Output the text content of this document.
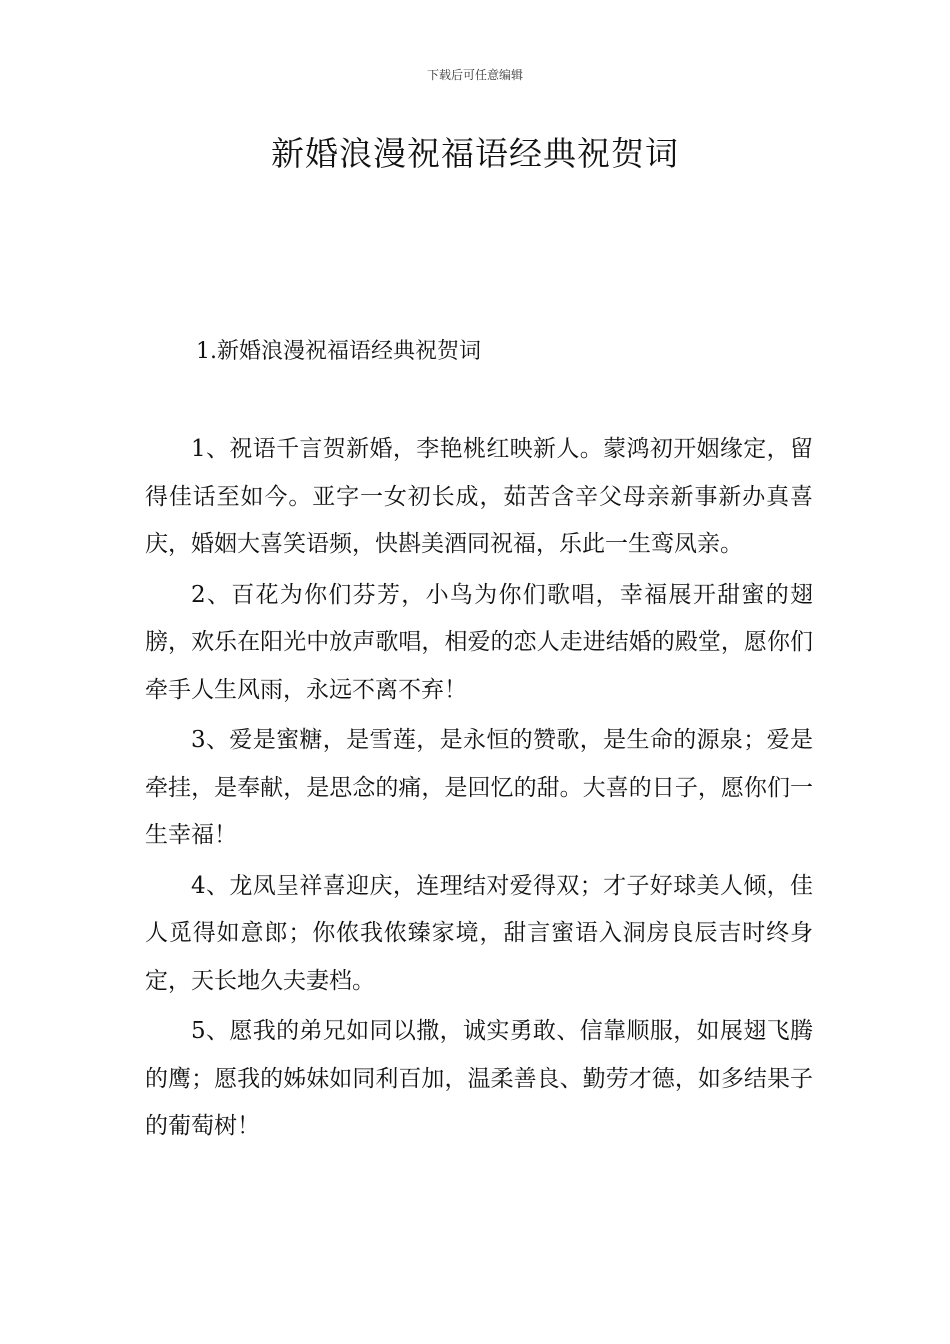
下载后可任意编辑
新婚浪漫祝福语经典祝贺词
1.新婚浪漫祝福语经典祝贺词

1、祝语千言贺新婚，李艳桃红映新人。蒙鸿初开姻缘定，留得佳话至如今。亚字一女初长成，茹苦含辛父母亲新事新办真喜庆，婚姻大喜笑语频，快斟美酒同祝福，乐此一生鸾凤亲。

2、百花为你们芬芳，小鸟为你们歌唱，幸福展开甜蜜的翅膀，欢乐在阳光中放声歌唱，相爱的恋人走进结婚的殿堂，愿你们牵手人生风雨，永远不离不弃！

3、爱是蜜糖，是雪莲，是永恒的赞歌，是生命的源泉；爱是牵挂，是奉献，是思念的痛，是回忆的甜。大喜的日子，愿你们一生幸福！

4、龙凤呈祥喜迎庆，连理结对爱得双；才子好球美人倾，佳人觅得如意郎；你侬我侬臻家境，甜言蜜语入洞房良辰吉时终身定，天长地久夫妻档。

5、愿我的弟兄如同以撒，诚实勇敢、信靠顺服，如展翅飞腾的鹰；愿我的姊妹如同利百加，温柔善良、勤劳才德，如多结果子的葡萄树！
